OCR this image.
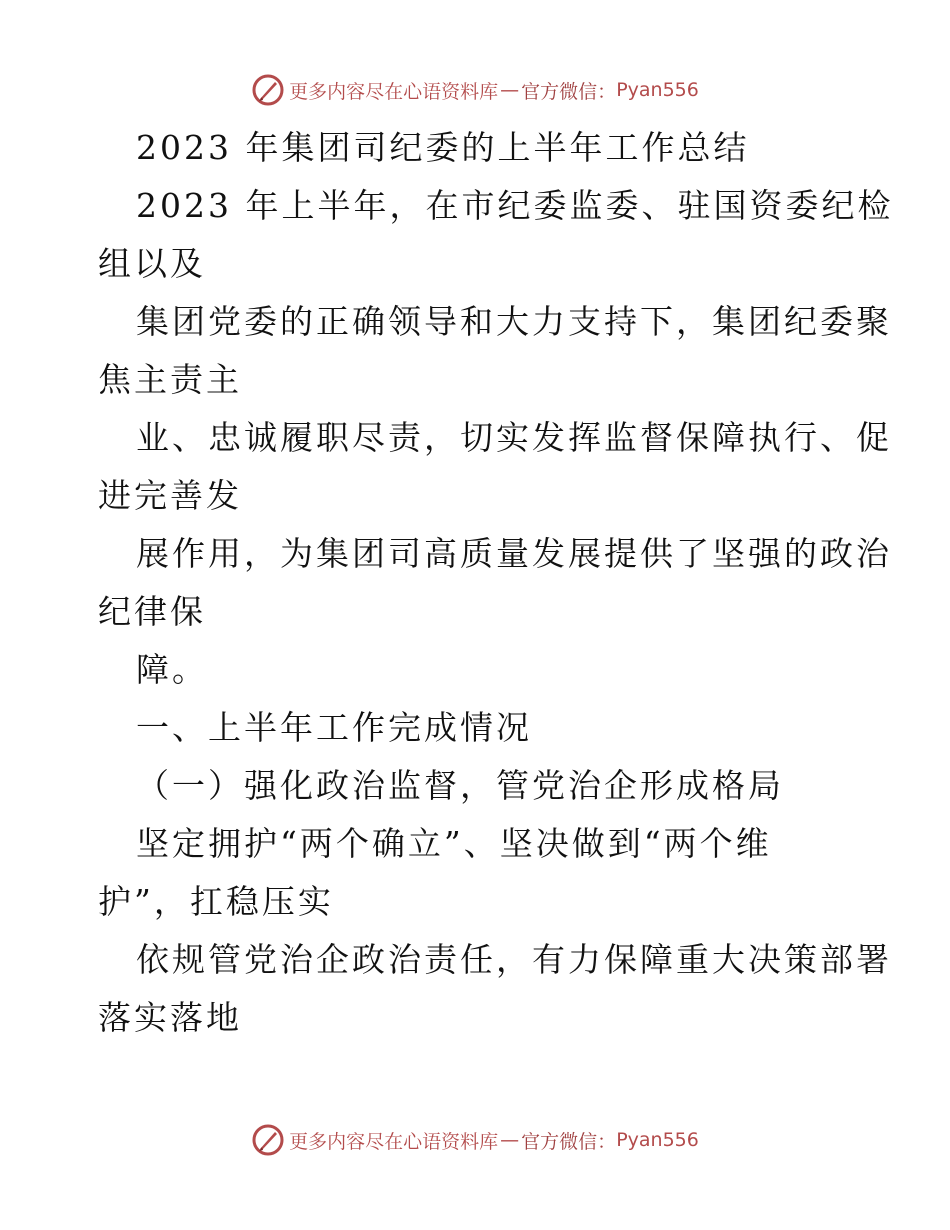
更多内容尽在心语资料库 — 官方微信： Pyan556
2023 年集团司纪委的上半年工作总结
2023 年上半年，在市纪委监委、驻国资委纪检
组以及
集团党委的正确领导和大力支持下，集团纪委聚
焦主责主
业、忠诚履职尽责，切实发挥监督保障执行、促
进完善发
展作用，为集团司高质量发展提供了坚强的政治
纪律保
障。
一、上半年工作完成情况
（一）强化政治监督，管党治企形成格局
坚定拥护“两个确立”、坚决做到“两个维
护”，扛稳压实
依规管党治企政治责任，有力保障重大决策部署
落实落地
更多内容尽在心语资料库 — 官方微信： Pyan556
